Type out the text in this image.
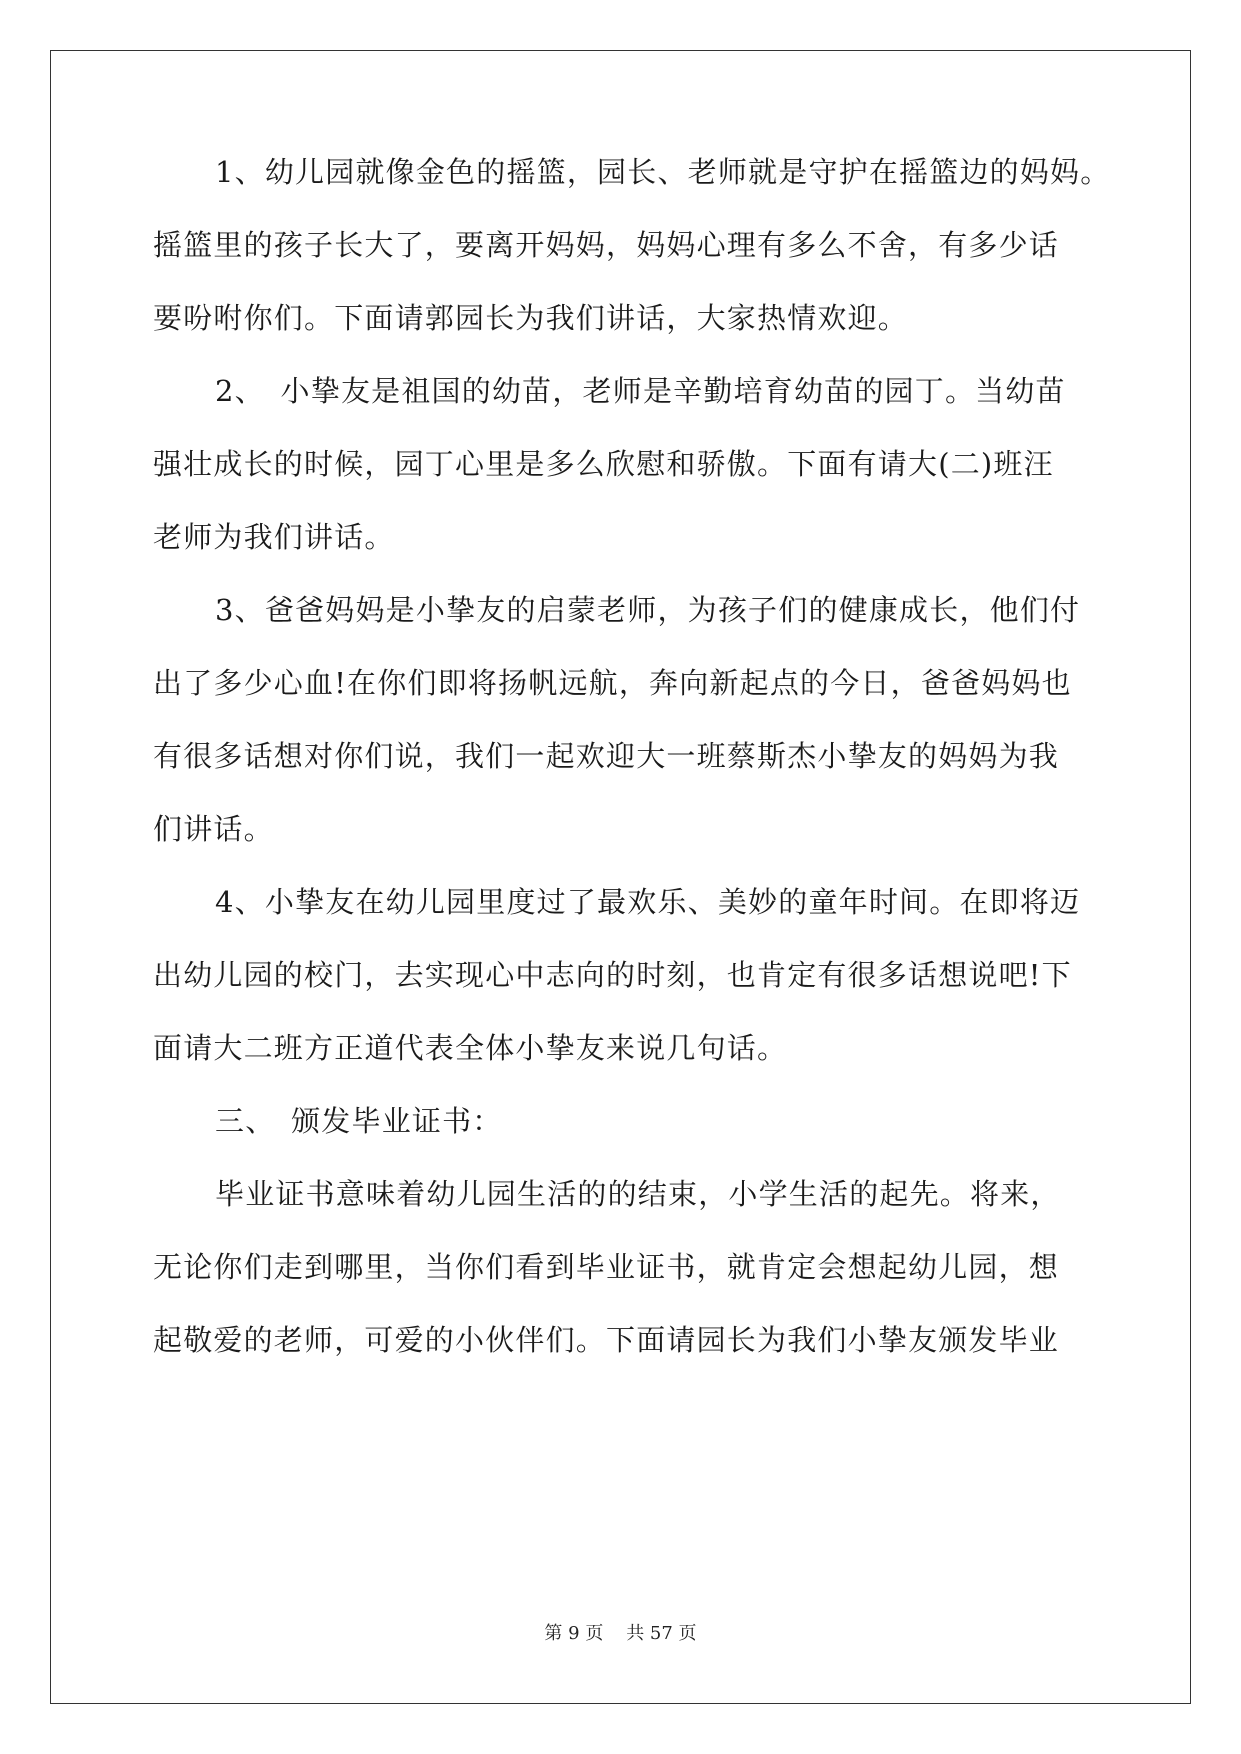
1、幼儿园就像金色的摇篮，园长、老师就是守护在摇篮边的妈妈。
摇篮里的孩子长大了，要离开妈妈，妈妈心理有多么不舍，有多少话
要吩咐你们。下面请郭园长为我们讲话，大家热情欢迎。
2、　小挚友是祖国的幼苗，老师是辛勤培育幼苗的园丁。当幼苗
强壮成长的时候，园丁心里是多么欣慰和骄傲。下面有请大(二)班汪
老师为我们讲话。
3、爸爸妈妈是小挚友的启蒙老师，为孩子们的健康成长，他们付
出了多少心血!在你们即将扬帆远航，奔向新起点的今日，爸爸妈妈也
有很多话想对你们说，我们一起欢迎大一班蔡斯杰小挚友的妈妈为我
们讲话。
4、小挚友在幼儿园里度过了最欢乐、美妙的童年时间。在即将迈
出幼儿园的校门，去实现心中志向的时刻，也肯定有很多话想说吧!下
面请大二班方正道代表全体小挚友来说几句话。
三、　颁发毕业证书：
毕业证书意味着幼儿园生活的的结束，小学生活的起先。将来，
无论你们走到哪里，当你们看到毕业证书，就肯定会想起幼儿园，想
起敬爱的老师，可爱的小伙伴们。下面请园长为我们小挚友颁发毕业
第 9 页    共 57 页
